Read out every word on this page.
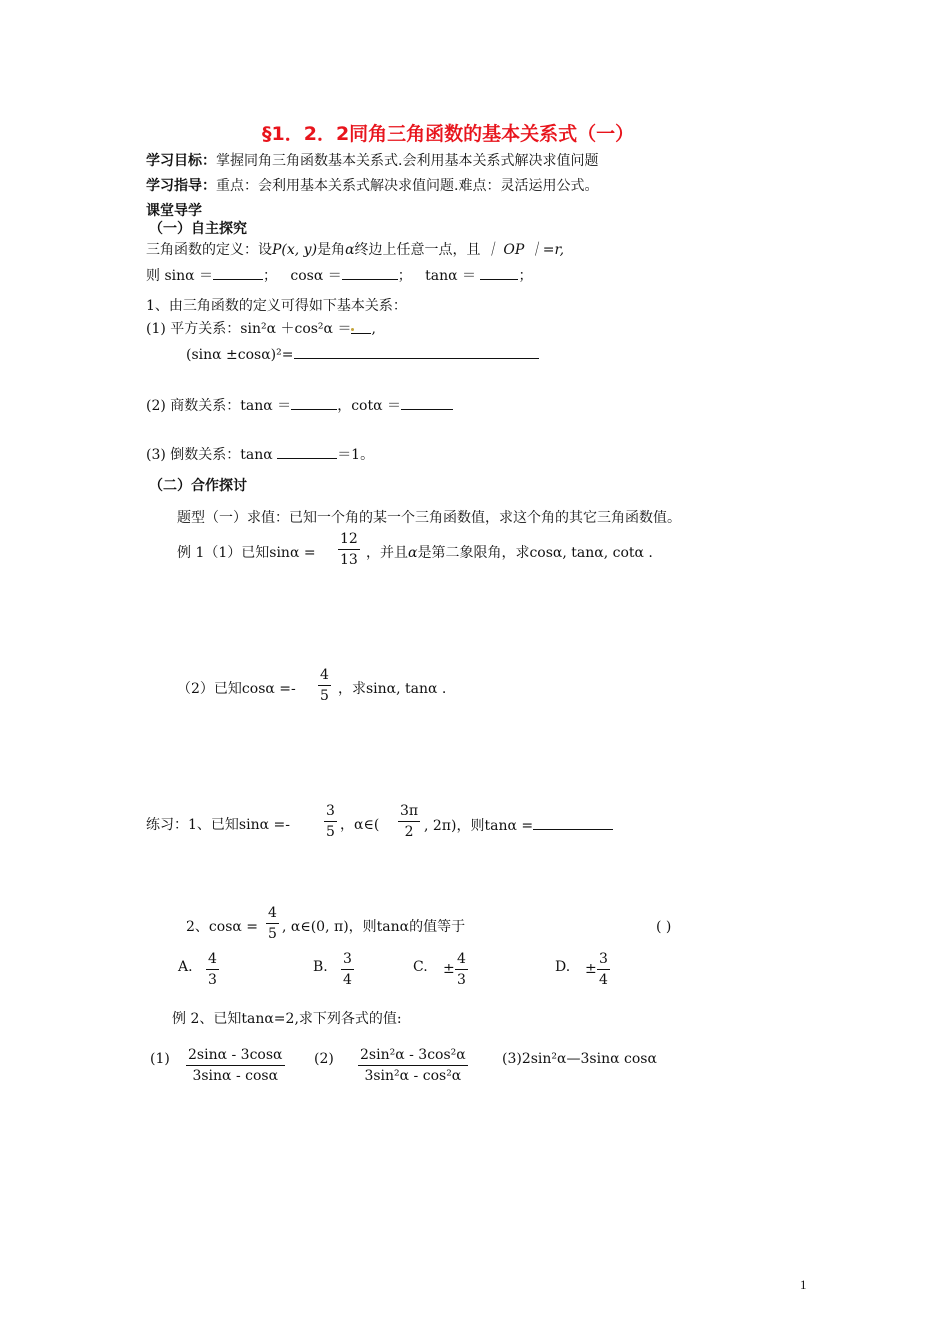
§1．2．2同角三角函数的基本关系式（一）
学习目标：掌握同角三角函数基本关系式.会利用基本关系式解决求值问题
学习指导：重点：会利用基本关系式解决求值问题.难点：灵活运用公式。
课堂导学
（一）自主探究
三角函数的定义：设P(x, y)是角α终边上任意一点，且 ｜ OP ｜=r,
则 sinα ＝	； cosα ＝	； tanα ＝	；
1、由三角函数的定义可得如下基本关系：
(1) 平方关系：sin²α ＋cos²α ＝ ,
(sinα ±cosα)²=
(2) 商数关系：tanα ＝	，cotα ＝
(3) 倒数关系：tanα	＝1。
（二）合作探讨
题型（一）求值：已知一个角的某一个三角函数值，求这个角的其它三角函数值。
例 1（1）已知sinα =
12
13 ，并且α是第二象限角，求cosα, tanα, cotα .
（2）已知cosα =-
4
5 ，求sinα, tanα .
练习：1、已知sinα =-
3
5 ，α∈(
3π
2 , 2π)，则tanα =
2、cosα =
4
5 , α∈(0, π)，则tanα的值等于	( )
A. 4
3
B. 3
4
C. ±
4
3
D. ±
3
4
例 2、已知tanα=2,求下列各式的值:
(1) 2sinα - 3cosα
3sinα - cosα
(2) 2sin²α - 3cos²α
3sin²α - cos²α
(3)2sin²α—3sinα cosα
1
